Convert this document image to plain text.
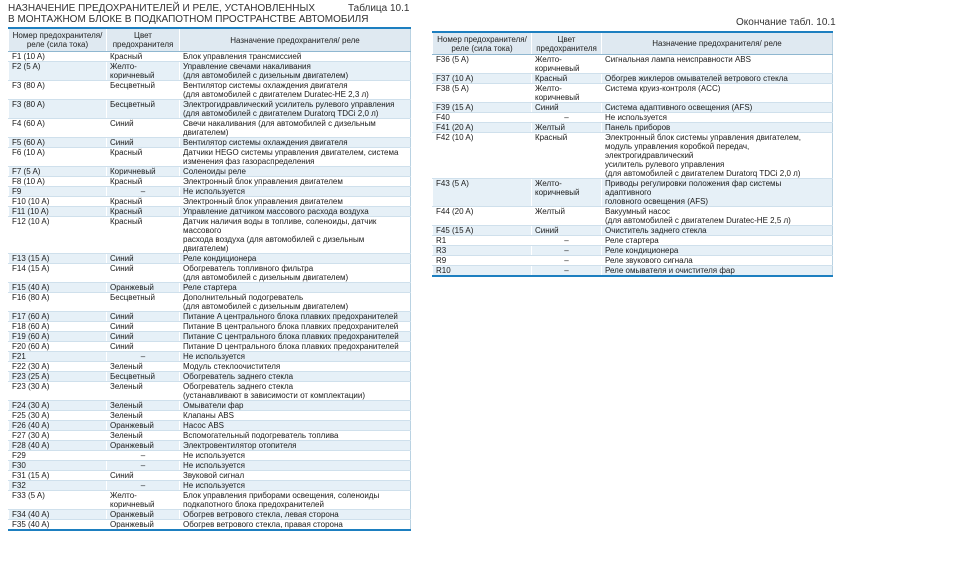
НАЗНАЧЕНИЕ ПРЕДОХРАНИТЕЛЕЙ И РЕЛЕ, УСТАНОВЛЕННЫХ
В МОНТАЖНОМ БЛОКЕ В ПОДКАПОТНОМ ПРОСТРАНСТВЕ АВТОМОБИЛЯ
Таблица 10.1
Окончание табл. 10.1
Номер предохранителя/
реле (сила тока)	Цвет
предохранителя	Назначение предохранителя/ реле
F1 (10 A)	Красный	Блок управления трансмиссией
F2 (5 A)	Желто-
коричневый	Управление свечами накаливания
(для автомобилей с дизельным двигателем)
F3 (80 A)	Бесцветный	Вентилятор системы охлаждения двигателя
(для автомобилей с двигателем Duratec-HE 2,3 л)
F3 (80 A)	Бесцветный	Электрогидравлический усилитель рулевого управления
(для автомобилей с двигателем Duratorq TDCi 2,0 л)
F4 (60 A)	Синий	Свечи накаливания (для автомобилей с дизельным двигателем)
F5 (60 A)	Синий	Вентилятор системы охлаждения двигателя
F6 (10 A)	Красный	Датчики HEGO системы управления двигателем, система
изменения фаз газораспределения
F7 (5 A)	Коричневый	Соленоиды реле
F8 (10 A)	Красный	Электронный блок управления двигателем
F9	–	Не используется
F10 (10 A)	Красный	Электронный блок управления двигателем
F11 (10 A)	Красный	Управление датчиком массового расхода воздуха
F12 (10 A)	Красный	Датчик наличия воды в топливе, соленоиды, датчик массового
расхода воздуха (для автомобилей с дизельным двигателем)
F13 (15 A)	Синий	Реле кондиционера
F14 (15 A)	Синий	Обогреватель топливного фильтра
(для автомобилей с дизельным двигателем)
F15 (40 A)	Оранжевый	Реле стартера
F16 (80 A)	Бесцветный	Дополнительный подогреватель
(для автомобилей с дизельным двигателем)
F17 (60 A)	Синий	Питание A центрального блока плавких предохранителей
F18 (60 A)	Синий	Питание B центрального блока плавких предохранителей
F19 (60 A)	Синий	Питание C центрального блока плавких предохранителей
F20 (60 A)	Синий	Питание D центрального блока плавких предохранителей
F21	–	Не используется
F22 (30 A)	Зеленый	Модуль стеклоочистителя
F23 (25 A)	Бесцветный	Обогреватель заднего стекла
F23 (30 A)	Зеленый	Обогреватель заднего стекла
(устанавливают в зависимости от комплектации)
F24 (30 A)	Зеленый	Омыватели фар
F25 (30 A)	Зеленый	Клапаны ABS
F26 (40 A)	Оранжевый	Насос ABS
F27 (30 A)	Зеленый	Вспомогательный подогреватель топлива
F28 (40 A)	Оранжевый	Электровентилятор отопителя
F29	–	Не используется
F30	–	Не используется
F31 (15 A)	Синий	Звуковой сигнал
F32	–	Не используется
F33 (5 A)	Желто-
коричневый	Блок управления приборами освещения, соленоиды
подкапотного блока предохранителей
F34 (40 A)	Оранжевый	Обогрев ветрового стекла, левая сторона
F35 (40 A)	Оранжевый	Обогрев ветрового стекла, правая сторона
Номер предохранителя/
реле (сила тока)	Цвет
предохранителя	Назначение предохранителя/ реле
F36 (5 A)	Желто-
коричневый	Сигнальная лампа неисправности ABS
F37 (10 A)	Красный	Обогрев жиклеров омывателей ветрового стекла
F38 (5 A)	Желто-
коричневый	Система круиз-контроля (ACC)
F39 (15 A)	Синий	Система адаптивного освещения (AFS)
F40	–	Не используется
F41 (20 A)	Желтый	Панель приборов
F42 (10 A)	Красный	Электронный блок системы управления двигателем,
модуль управления коробкой передач, электрогидравлический
усилитель рулевого управления
(для автомобилей с двигателем Duratorq TDCi 2,0 л)
F43 (5 A)	Желто-
коричневый	Приводы регулировки положения фар системы адаптивного
головного освещения (AFS)
F44 (20 A)	Желтый	Вакуумный насос
(для автомобилей с двигателем Duratec-HE 2,5 л)
F45 (15 A)	Синий	Очиститель заднего стекла
R1	–	Реле стартера
R3	–	Реле кондиционера
R9	–	Реле звукового сигнала
R10	–	Реле омывателя и очистителя фар
